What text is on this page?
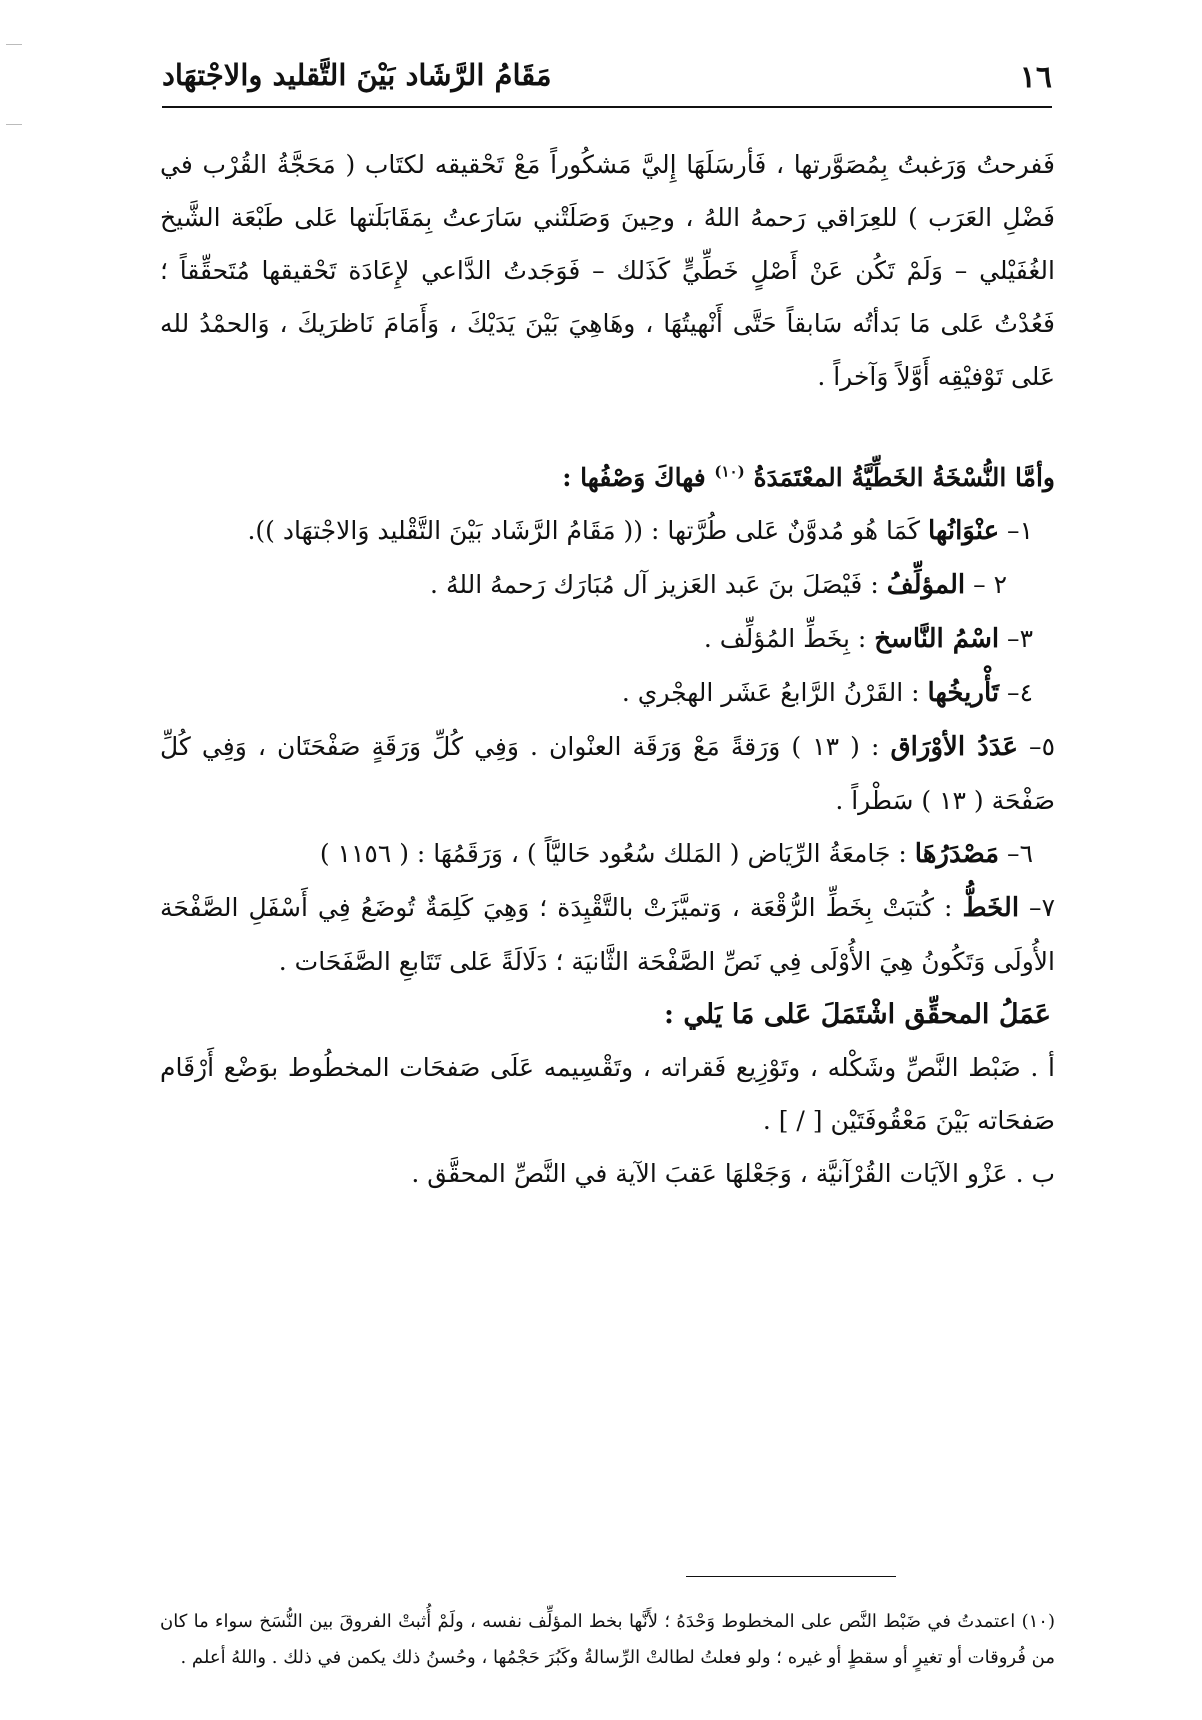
١٦
مَقَامُ الرَّشَاد بَيْنَ التَّقليد والاجْتهَاد

فَفرحتُ وَرَغبتُ بِمُصَوَّرتها ، فَأرسَلَهَا إِليَّ مَشكُوراً مَعْ تَحْقيقه لكتَاب ( مَحَجَّةُ القُرْب في فَضْلِ العَرَب ) للعِرَاقي رَحمهُ اللهُ ، وحِينَ وَصَلَتْني سَارَعتُ بِمَقَابَلَتها عَلى طَبْعَة الشَّيخ الغُفَيْلي – وَلَمْ تَكُن عَنْ أَصْلٍ خَطِّيٍّ كَذَلك – فَوَجَدتُ الدَّاعي لإِعَادَة تَحْقيقها مُتَحقِّقاً ؛ فَعُدْتُ عَلى مَا بَدأتُه سَابقاً حَتَّى أَنْهيتُهَا ، وهَاهِيَ بَيْنَ يَدَيْكَ ، وَأَمَامَ نَاظرَيكَ ، وَالحمْدُ لله عَلى تَوْفيْقِه أَوَّلاً وَآخراً .

وأمَّا النُّسْخَةُ الخَطِّيَّةُ المعْتَمَدَةُ $^{(١٠)}$ فهاكَ وَصْفُها :

١– عنْوَانُها كَمَا هُو مُدوَّنٌ عَلى طُرَّتها : (( مَقَامُ الرَّشَاد بَيْنَ التَّقْليد وَالاجْتهَاد )).

٢ – المؤلِّفُ : فَيْصَلَ بنَ عَبد العَزيز آل مُبَارَك رَحمهُ اللهُ .

٣– اسْمُ النَّاسخ : بِخَطِّ المُؤلِّف .

٤– تَأْريخُها : القَرْنُ الرَّابعُ عَشَر الهجْري .

٥– عَدَدُ الأوْرَاق : ( ١٣ ) وَرَقةً مَعْ وَرَقَة العنْوان . وَفِي كُلِّ وَرَقَةٍ صَفْحَتَان ، وَفِي كُلِّ صَفْحَة ( ١٣ ) سَطْراً .

٦– مَصْدَرُهَا : جَامعَةُ الرِّيَاض ( المَلك سُعُود حَاليَّاً ) ، وَرَقَمُهَا : ( ١١٥٦ )

٧– الخَطُّ : كُتبَتْ بِخَطِّ الرُّقْعَة ، وَتميَّزَتْ بالتَّقْيِدَة ؛ وَهِيَ كَلِمَةٌ تُوضَعُ فِي أَسْفَلِ الصَّفْحَة الأُولَى وَتَكُونُ هِيَ الأُوْلَى فِي نَصِّ الصَّفْحَة الثَّانيَة ؛ دَلَالَةً عَلى تَتَابعِ الصَّفَحَات .

عَمَلُ المحقِّق اشْتَمَلَ عَلى مَا يَلي :

أ . ضَبْط النَّصِّ وشَكْله ، وتَوْزِيع فَقراته ، وتَقْسِيمه عَلَى صَفحَات المخطُوط بوَضْع أَرْقَام صَفحَاته بَيْنَ مَعْقُوفَتَيْن [ / ] .

ب . عَزْو الآيَات القُرْآنيَّة ، وَجَعْلهَا عَقبَ الآية في النَّصِّ المحقَّق .

(١٠) اعتمدتُ في ضَبْط النَّص على المخطوط وَحْدَهُ ؛ لأَنَّها بخط المؤلِّف نفسه ، ولَمْ أُثبتْ الفروقَ بين النُّسَخ سواء ما كان من فُروقات أو تغيرٍ أو سقطٍ أو غيره ؛ ولو فعلتُ لطالتْ الرِّسالةُ وكَبُرَ حَجْمُها ، وحُسنُ ذلك يكمن في ذلك . واللهُ أعلم .
